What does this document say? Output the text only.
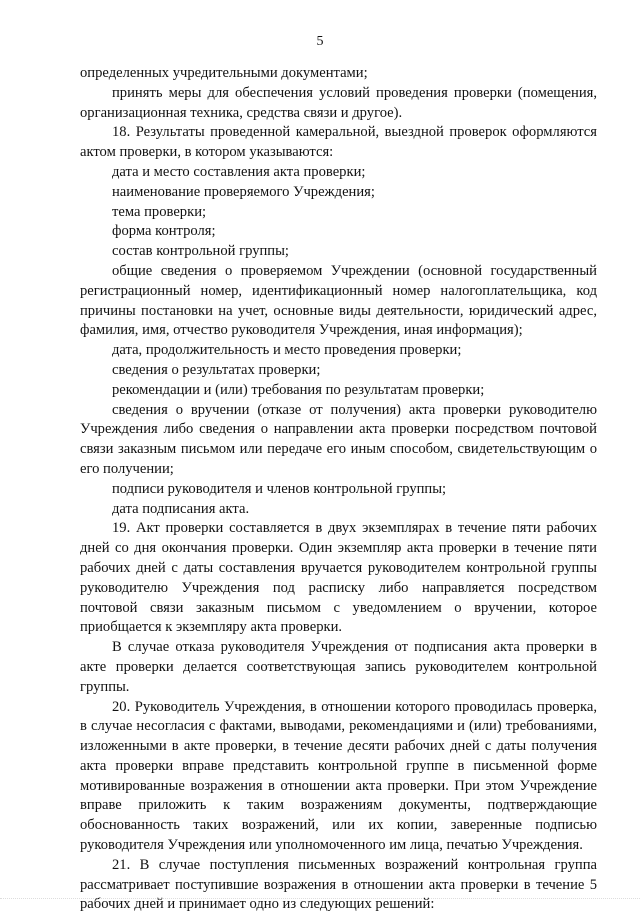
5

определенных учредительными документами;

принять меры для обеспечения условий проведения проверки (помещения, организационная техника, средства связи и другое).

18. Результаты проведенной камеральной, выездной проверок оформляются актом проверки, в котором указываются:

дата и место составления акта проверки;

наименование проверяемого Учреждения;

тема проверки;

форма контроля;

состав контрольной группы;

общие сведения о проверяемом Учреждении (основной государственный регистрационный номер, идентификационный номер налогоплательщика, код причины постановки на учет, основные виды деятельности, юридический адрес, фамилия, имя, отчество руководителя Учреждения, иная информация);

дата, продолжительность и место проведения проверки;

сведения о результатах проверки;

рекомендации и (или) требования по результатам проверки;

сведения о вручении (отказе от получения) акта проверки руководителю Учреждения либо сведения о направлении акта проверки посредством почтовой связи заказным письмом или передаче его иным способом, свидетельствующим о его получении;

подписи руководителя и членов контрольной группы;

дата подписания акта.

19. Акт проверки составляется в двух экземплярах в течение пяти рабочих дней со дня окончания проверки. Один экземпляр акта проверки в течение пяти рабочих дней с даты составления вручается руководителем контрольной группы руководителю Учреждения под расписку либо направляется посредством почтовой связи заказным письмом с уведомлением о вручении, которое приобщается к экземпляру акта проверки.

В случае отказа руководителя Учреждения от подписания акта проверки в акте проверки делается соответствующая запись руководителем контрольной группы.

20. Руководитель Учреждения, в отношении которого проводилась проверка, в случае несогласия с фактами, выводами, рекомендациями и (или) требованиями, изложенными в акте проверки, в течение десяти рабочих дней с даты получения акта проверки вправе представить контрольной группе в письменной форме мотивированные возражения в отношении акта проверки. При этом Учреждение вправе приложить к таким возражениям документы, подтверждающие обоснованность таких возражений, или их копии, заверенные подписью руководителя Учреждения или уполномоченного им лица, печатью Учреждения.

21. В случае поступления письменных возражений контрольная группа рассматривает поступившие возражения в отношении акта проверки в течение 5 рабочих дней и принимает одно из следующих решений:
